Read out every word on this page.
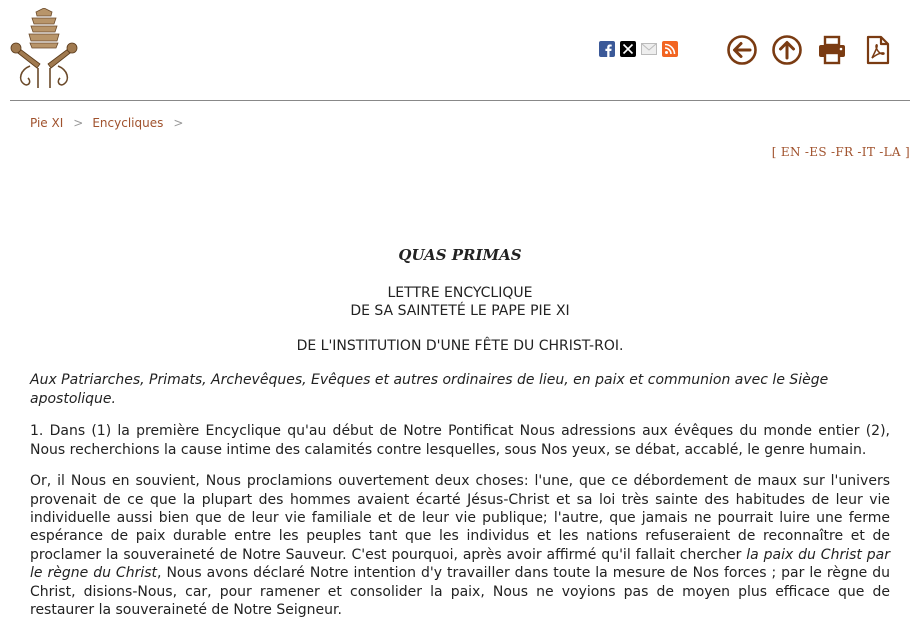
Pie XI > Encycliques >
[ EN -ES -FR -IT -LA ]
QUAS PRIMAS

LETTRE ENCYCLIQUE

DE SA SAINTETÉ LE PAPE PIE XI

DE L'INSTITUTION D'UNE FÊTE DU CHRIST-ROI.

Aux Patriarches, Primats, Archevêques, Evêques et autres ordinaires de lieu, en paix et communion avec le Siège apostolique.

1. Dans (1) la première Encyclique qu'au début de Notre Pontificat Nous adressions aux évêques du monde entier (2), Nous recherchions la cause intime des calamités contre lesquelles, sous Nos yeux, se débat, accablé, le genre humain.

Or, il Nous en souvient, Nous proclamions ouvertement deux choses: l'une, que ce débordement de maux sur l'univers provenait de ce que la plupart des hommes avaient écarté Jésus-Christ et sa loi très sainte des habitudes de leur vie individuelle aussi bien que de leur vie familiale et de leur vie publique; l'autre, que jamais ne pourrait luire une ferme espérance de paix durable entre les peuples tant que les individus et les nations refuseraient de reconnaître et de proclamer la souveraineté de Notre Sauveur. C'est pourquoi, après avoir affirmé qu'il fallait chercher la paix du Christ par le règne du Christ, Nous avons déclaré Notre intention d'y travailler dans toute la mesure de Nos forces ; par le règne du Christ, disions-Nous, car, pour ramener et consolider la paix, Nous ne voyions pas de moyen plus efficace que de restaurer la souveraineté de Notre Seigneur.
